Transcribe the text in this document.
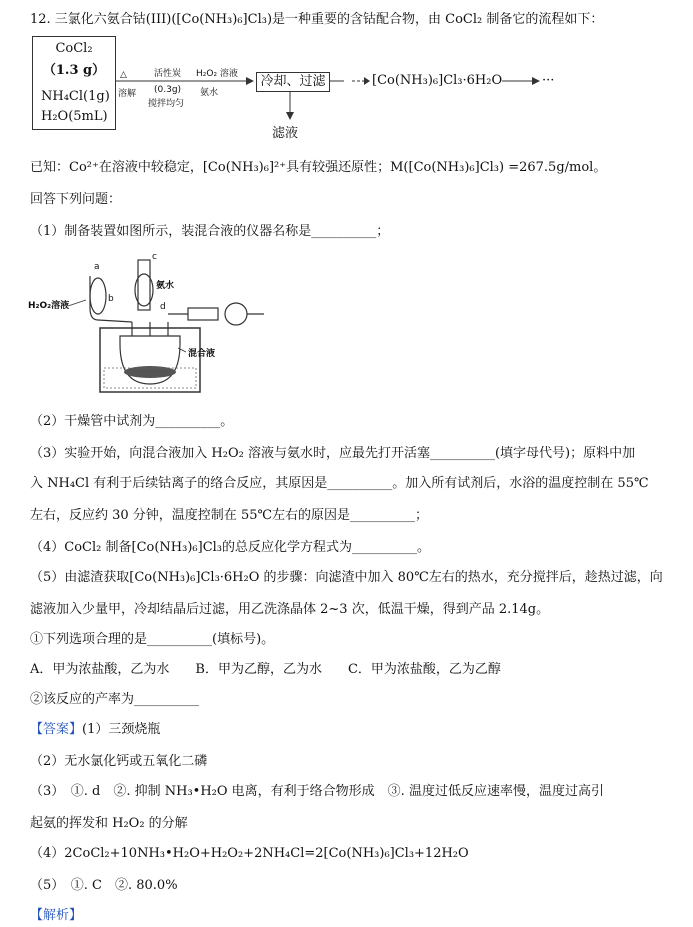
12. 三氯化六氨合钴(III)([Co(NH₃)₆]Cl₃)是一种重要的含钴配合物，由 CoCl₂ 制备它的流程如下：
CoCl₂
（1.3 g）
NH₄Cl(1g)
H₂O(5mL)
△
溶解
活性炭
(0.3g)
搅拌均匀
H₂O₂ 溶液
氨水
冷却、过滤	[Co(NH₃)₆]Cl₃·6H₂O	···
滤液
已知：Co²⁺在溶液中较稳定，[Co(NH₃)₆]²⁺具有较强还原性；M([Co(NH₃)₆]Cl₃) =267.5g/mol。
回答下列问题：
（1）制备装置如图所示，装混合液的仪器名称是__________；
a
b
c
d
H₂O₂溶液
氨水
混合液
（2）干燥管中试剂为__________。
（3）实验开始，向混合液加入 H₂O₂ 溶液与氨水时，应最先打开活塞__________(填字母代号)；原料中加
入 NH₄Cl 有利于后续钴离子的络合反应，其原因是__________。加入所有试剂后，水浴的温度控制在 55℃
左右，反应约 30 分钟，温度控制在 55℃左右的原因是__________；
（4）CoCl₂ 制备[Co(NH₃)₆]Cl₃的总反应化学方程式为__________。
（5）由滤渣获取[Co(NH₃)₆]Cl₃·6H₂O 的步骤：向滤渣中加入 80℃左右的热水，充分搅拌后，趁热过滤，向
滤液加入少量甲，冷却结晶后过滤，用乙洗涤晶体 2~3 次，低温干燥，得到产品 2.14g。
①下列选项合理的是__________(填标号)。
A．甲为浓盐酸，乙为水　　B．甲为乙醇，乙为水　　C．甲为浓盐酸，乙为乙醇
②该反应的产率为__________
【答案】(1）三颈烧瓶
（2）无水氯化钙或五氧化二磷
（3）　①. d　②. 抑制 NH₃•H₂O 电离，有利于络合物形成　③. 温度过低反应速率慢，温度过高引
起氨的挥发和 H₂O₂ 的分解
（4）2CoCl₂+10NH₃•H₂O+H₂O₂+2NH₄Cl=2[Co(NH₃)₆]Cl₃+12H₂O
（5）　①. C　②. 80.0%
【解析】
